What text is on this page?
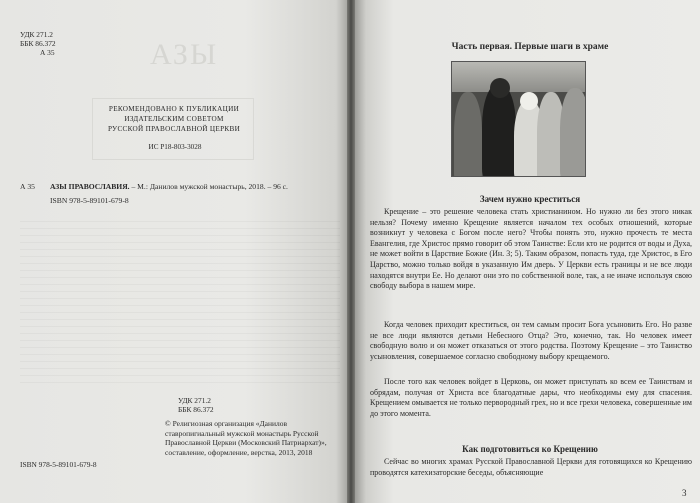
АЗЫ
УДК 271.2
ББК 86.372
А 35
РЕКОМЕНДОВАНО К ПУБЛИКАЦИИ
ИЗДАТЕЛЬСКИМ СОВЕТОМ
РУССКОЙ ПРАВОСЛАВНОЙ ЦЕРКВИ
ИС Р18-803-3028
А 35 АЗЫ ПРАВОСЛАВИЯ. – М.: Данилов мужской монастырь, 2018. – 96 с.
ISBN 978-5-89101-679-8
УДК 271.2
ББК 86.372
© Религиозная организация «Данилов ставропигиальный мужской монастырь Русской Православной Церкви (Московский Патриархат)», составление, оформление, верстка, 2013, 2018
ISBN 978-5-89101-679-8
Часть первая. Первые шаги в храме
Зачем нужно креститься
Крещение – это решение человека стать христианином. Но нужно ли без этого никак нельзя? Почему именно Крещение является началом тех особых отношений, которые возникнут у человека с Богом после него? Чтобы понять это, нужно прочесть те места Евангелия, где Христос прямо говорит об этом Таинстве: Если кто не родится от воды и Духа, не может войти в Царствие Божие (Ин. 3; 5). Таким образом, попасть туда, где Христос, в Его Царство, можно только войдя в указанную Им дверь. У Церкви есть границы и не все люди находятся внутри Ее. Но делают они это по собственной воле, так, а не иначе используя свою свободу выбора в нашем мире.
Когда человек приходит креститься, он тем самым просит Бога усыновить Его. Но разве не все люди являются детьми Небесного Отца? Это, конечно, так. Но человек имеет свободную волю и он может отказаться от этого родства. Поэтому Крещение – это Таинство усыновления, совершаемое согласно свободному выбору крещаемого.
После того как человек войдет в Церковь, он может приступать ко всем ее Таинствам и обрядам, получая от Христа все благодатные дары, что необходимы ему для спасения. Крещением омывается не только первородный грех, но и все грехи человека, совершенные им до этого момента.
Как подготовиться ко Крещению
Сейчас во многих храмах Русской Православной Церкви для готовящихся ко Крещению проводятся катехизаторские беседы, объясняющие
3
